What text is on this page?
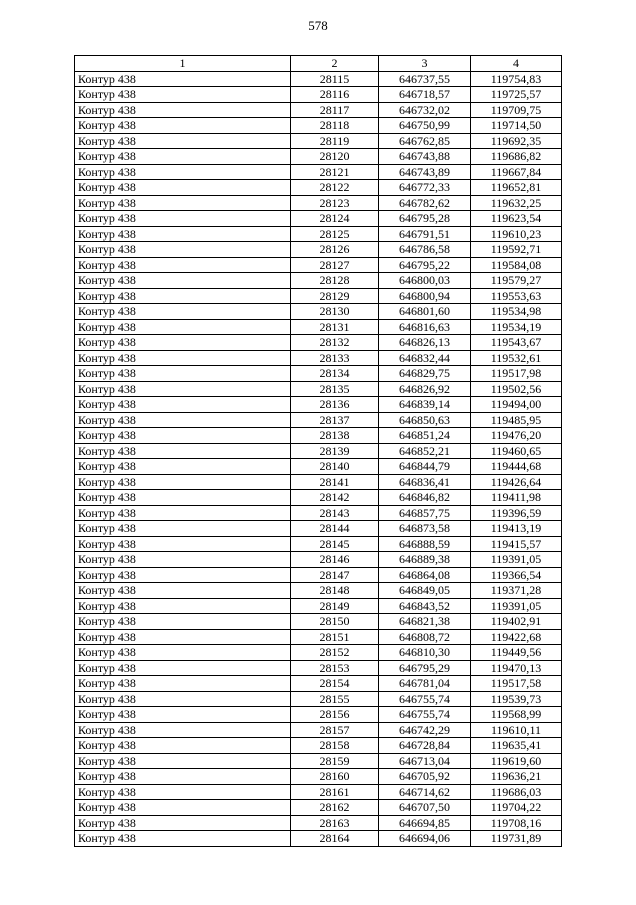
578
1	2	3	4
Контур 438	28115	646737,55	119754,83
Контур 438	28116	646718,57	119725,57
Контур 438	28117	646732,02	119709,75
Контур 438	28118	646750,99	119714,50
Контур 438	28119	646762,85	119692,35
Контур 438	28120	646743,88	119686,82
Контур 438	28121	646743,89	119667,84
Контур 438	28122	646772,33	119652,81
Контур 438	28123	646782,62	119632,25
Контур 438	28124	646795,28	119623,54
Контур 438	28125	646791,51	119610,23
Контур 438	28126	646786,58	119592,71
Контур 438	28127	646795,22	119584,08
Контур 438	28128	646800,03	119579,27
Контур 438	28129	646800,94	119553,63
Контур 438	28130	646801,60	119534,98
Контур 438	28131	646816,63	119534,19
Контур 438	28132	646826,13	119543,67
Контур 438	28133	646832,44	119532,61
Контур 438	28134	646829,75	119517,98
Контур 438	28135	646826,92	119502,56
Контур 438	28136	646839,14	119494,00
Контур 438	28137	646850,63	119485,95
Контур 438	28138	646851,24	119476,20
Контур 438	28139	646852,21	119460,65
Контур 438	28140	646844,79	119444,68
Контур 438	28141	646836,41	119426,64
Контур 438	28142	646846,82	119411,98
Контур 438	28143	646857,75	119396,59
Контур 438	28144	646873,58	119413,19
Контур 438	28145	646888,59	119415,57
Контур 438	28146	646889,38	119391,05
Контур 438	28147	646864,08	119366,54
Контур 438	28148	646849,05	119371,28
Контур 438	28149	646843,52	119391,05
Контур 438	28150	646821,38	119402,91
Контур 438	28151	646808,72	119422,68
Контур 438	28152	646810,30	119449,56
Контур 438	28153	646795,29	119470,13
Контур 438	28154	646781,04	119517,58
Контур 438	28155	646755,74	119539,73
Контур 438	28156	646755,74	119568,99
Контур 438	28157	646742,29	119610,11
Контур 438	28158	646728,84	119635,41
Контур 438	28159	646713,04	119619,60
Контур 438	28160	646705,92	119636,21
Контур 438	28161	646714,62	119686,03
Контур 438	28162	646707,50	119704,22
Контур 438	28163	646694,85	119708,16
Контур 438	28164	646694,06	119731,89
